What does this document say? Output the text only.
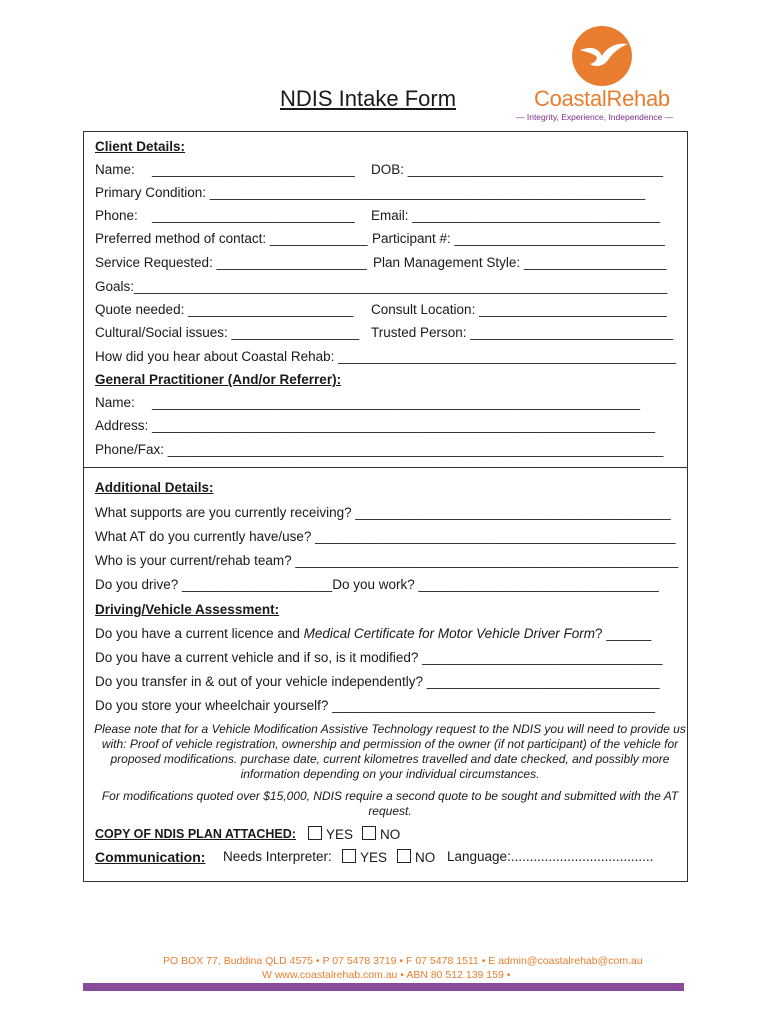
NDIS Intake Form	CoastalRehab
— Integrity, Experience, Independence —
Client Details:
Name: ___________________________ DOB: __________________________________
Primary Condition: __________________________________________________________
Phone: ___________________________ Email: _________________________________
Preferred method of contact: _____________ Participant #: ____________________________
Service Requested: ____________________ Plan Management Style: ___________________
Goals:_______________________________________________________________________
Quote needed: ______________________ Consult Location: _________________________
Cultural/Social issues: _________________ Trusted Person: ___________________________
How did you hear about Coastal Rehab: _____________________________________________
General Practitioner (And/or Referrer):
Name: _________________________________________________________________
Address: ___________________________________________________________________
Phone/Fax: __________________________________________________________________
Additional Details:
What supports are you currently receiving? __________________________________________
What AT do you currently have/use? ________________________________________________
Who is your current/rehab team? ___________________________________________________
Do you drive? ____________________Do you work? ________________________________
Driving/Vehicle Assessment:
Do you have a current licence and Medical Certificate for Motor Vehicle Driver Form? ______
Do you have a current vehicle and if so, is it modified? ________________________________
Do you transfer in & out of your vehicle independently? _______________________________
Do you store your wheelchair yourself? ___________________________________________
Please note that for a Vehicle Modification Assistive Technology request to the NDIS you will need to provide us with: Proof of vehicle registration, ownership and permission of the owner (if not participant) of the vehicle for proposed modifications. purchase date, current kilometres travelled and date checked, and possibly more information depending on your individual circumstances.
For modifications quoted over $15,000, NDIS require a second quote to be sought and submitted with the AT request.
COPY OF NDIS PLAN ATTACHED:	YES	NO
Communication: Needs Interpreter:	YES	NO Language:......................................
PO BOX 77, Buddina QLD 4575 • P 07 5478 3719 • F 07 5478 1511 • E admin@coastalrehab@com.au
W www.coastalrehab.com.au • ABN 80 512 139 159 •
